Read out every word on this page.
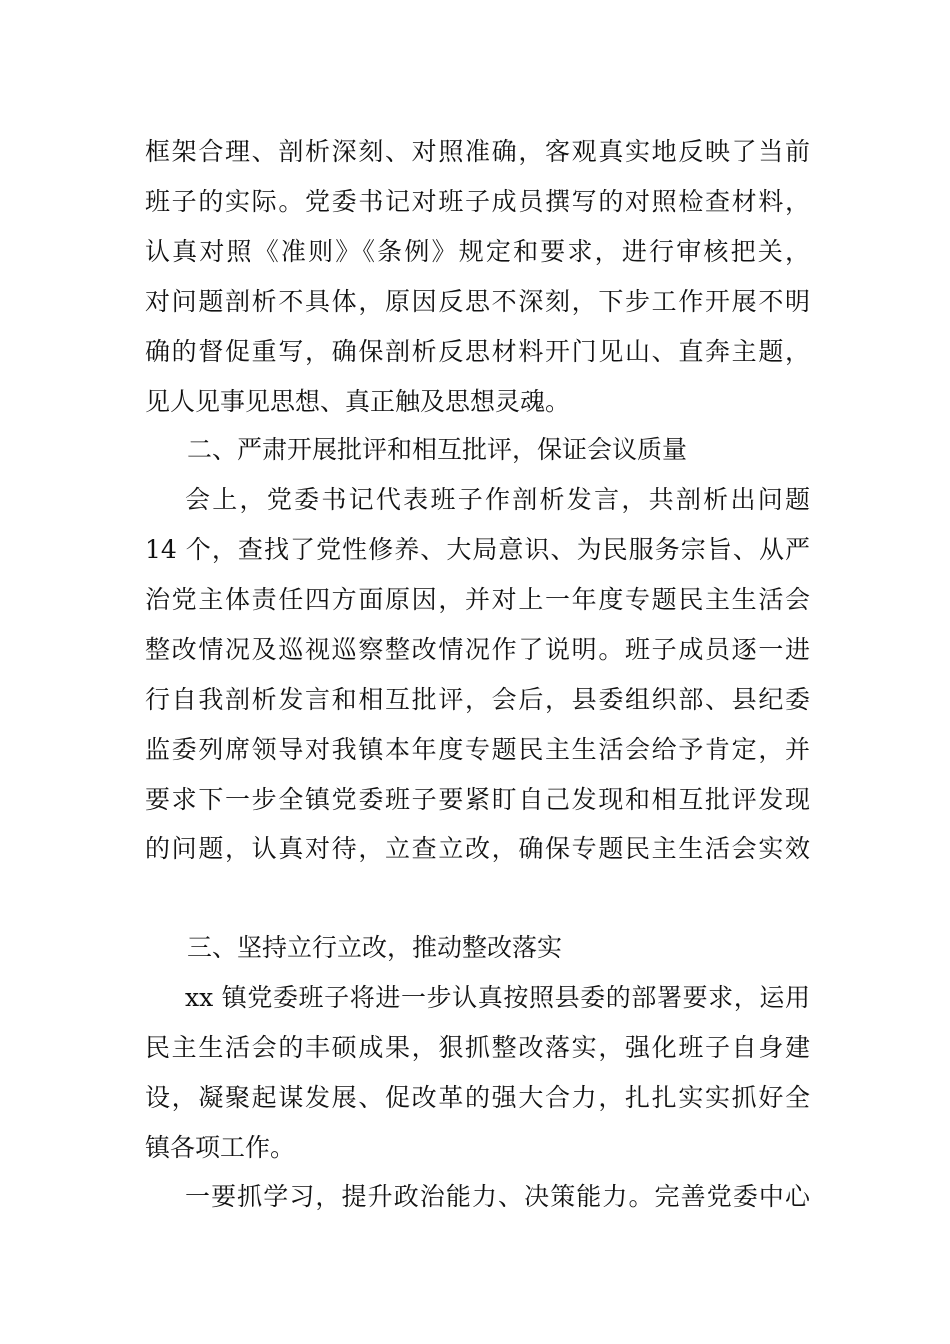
框架合理、剖析深刻、对照准确，客观真实地反映了当前
班子的实际。党委书记对班子成员撰写的对照检查材料，
认真对照《准则》《条例》规定和要求，进行审核把关，
对问题剖析不具体，原因反思不深刻，下步工作开展不明
确的督促重写，确保剖析反思材料开门见山、直奔主题，
见人见事见思想、真正触及思想灵魂。
二、严肃开展批评和相互批评，保证会议质量
会上，党委书记代表班子作剖析发言，共剖析出问题
14 个，查找了党性修养、大局意识、为民服务宗旨、从严
治党主体责任四方面原因，并对上一年度专题民主生活会
整改情况及巡视巡察整改情况作了说明。班子成员逐一进
行自我剖析发言和相互批评，会后，县委组织部、县纪委
监委列席领导对我镇本年度专题民主生活会给予肯定，并
要求下一步全镇党委班子要紧盯自己发现和相互批评发现
的问题，认真对待，立查立改，确保专题民主生活会实效
三、坚持立行立改，推动整改落实
xx 镇党委班子将进一步认真按照县委的部署要求，运用
民主生活会的丰硕成果，狠抓整改落实，强化班子自身建
设，凝聚起谋发展、促改革的强大合力，扎扎实实抓好全
镇各项工作。
一要抓学习，提升政治能力、决策能力。完善党委中心
